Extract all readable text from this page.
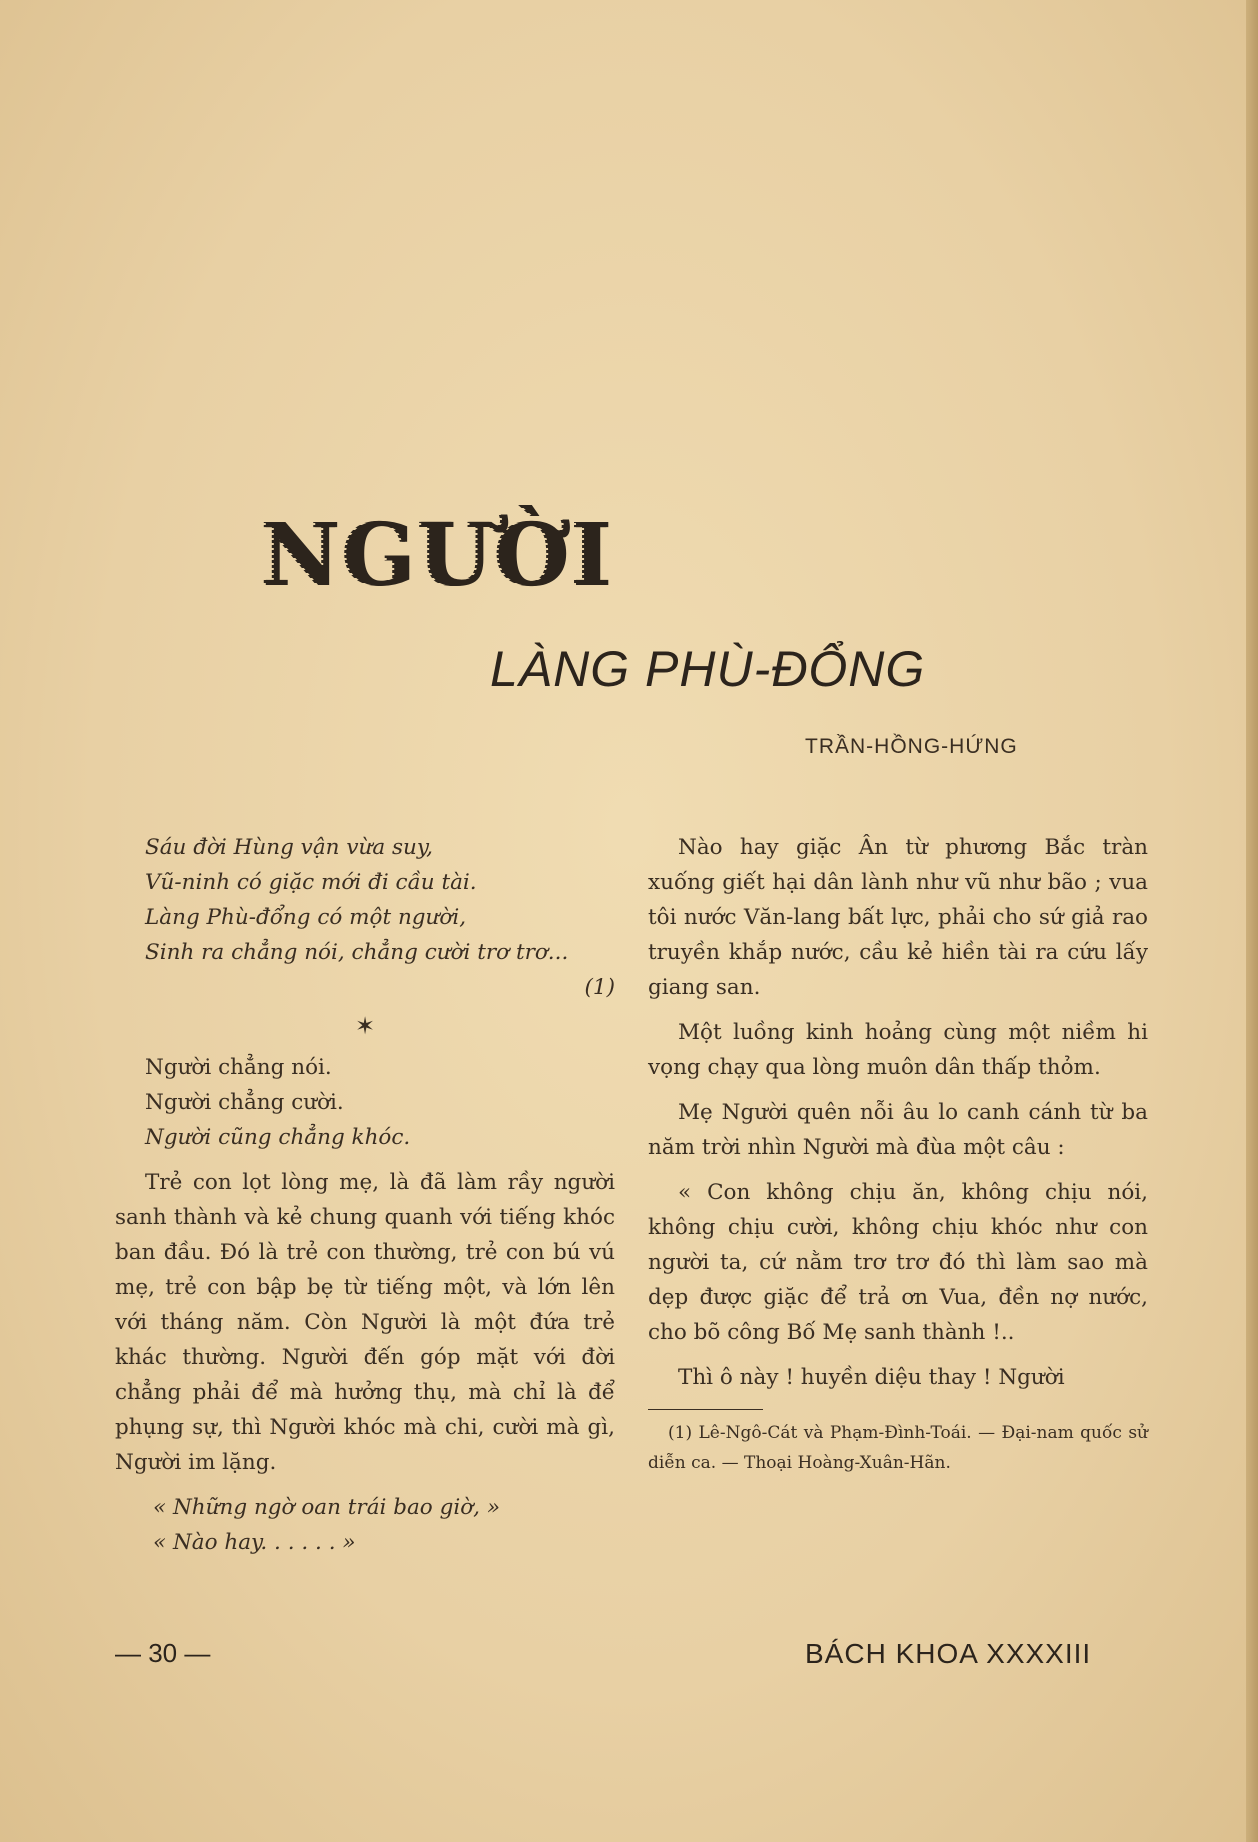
NGƯỜI
LÀNG PHÙ-ĐỔNG
TRẦN-HỒNG-HỨNG
Sáu đời Hùng vận vừa suy,
Vũ-ninh có giặc mới đi cầu tài.
Làng Phù-đổng có một người,
Sinh ra chẳng nói, chẳng cười trơ trơ...
(1)
✶
Người chẳng nói.
Người chẳng cười.
Người cũng chẳng khóc.

Trẻ con lọt lòng mẹ, là đã làm rầy người sanh thành và kẻ chung quanh với tiếng khóc ban đầu. Đó là trẻ con thường, trẻ con bú vú mẹ, trẻ con bập bẹ từ tiếng một, và lớn lên với tháng năm. Còn Người là một đứa trẻ khác thường. Người đến góp mặt với đời chẳng phải để mà hưởng thụ, mà chỉ là để phụng sự, thì Người khóc mà chi, cười mà gì, Người im lặng.

« Những ngờ oan trái bao giờ, »
« Nào hay. . . . . . »

Nào hay giặc Ân từ phương Bắc tràn xuống giết hại dân lành như vũ như bão ; vua tôi nước Văn-lang bất lực, phải cho sứ giả rao truyền khắp nước, cầu kẻ hiền tài ra cứu lấy giang san.

Một luồng kinh hoảng cùng một niềm hi vọng chạy qua lòng muôn dân thấp thỏm.

Mẹ Người quên nỗi âu lo canh cánh từ ba năm trời nhìn Người mà đùa một câu :

« Con không chịu ăn, không chịu nói, không chịu cười, không chịu khóc như con người ta, cứ nằm trơ trơ đó thì làm sao mà dẹp được giặc để trả ơn Vua, đền nợ nước, cho bõ công Bố Mẹ sanh thành !..

Thì ô này ! huyền diệu thay ! Người

(1) Lê-Ngô-Cát và Phạm-Đình-Toái. — Đại-nam quốc sử diễn ca. — Thoại Hoàng-Xuân-Hãn.
— 30 —	BÁCH KHOA XXXXIII
